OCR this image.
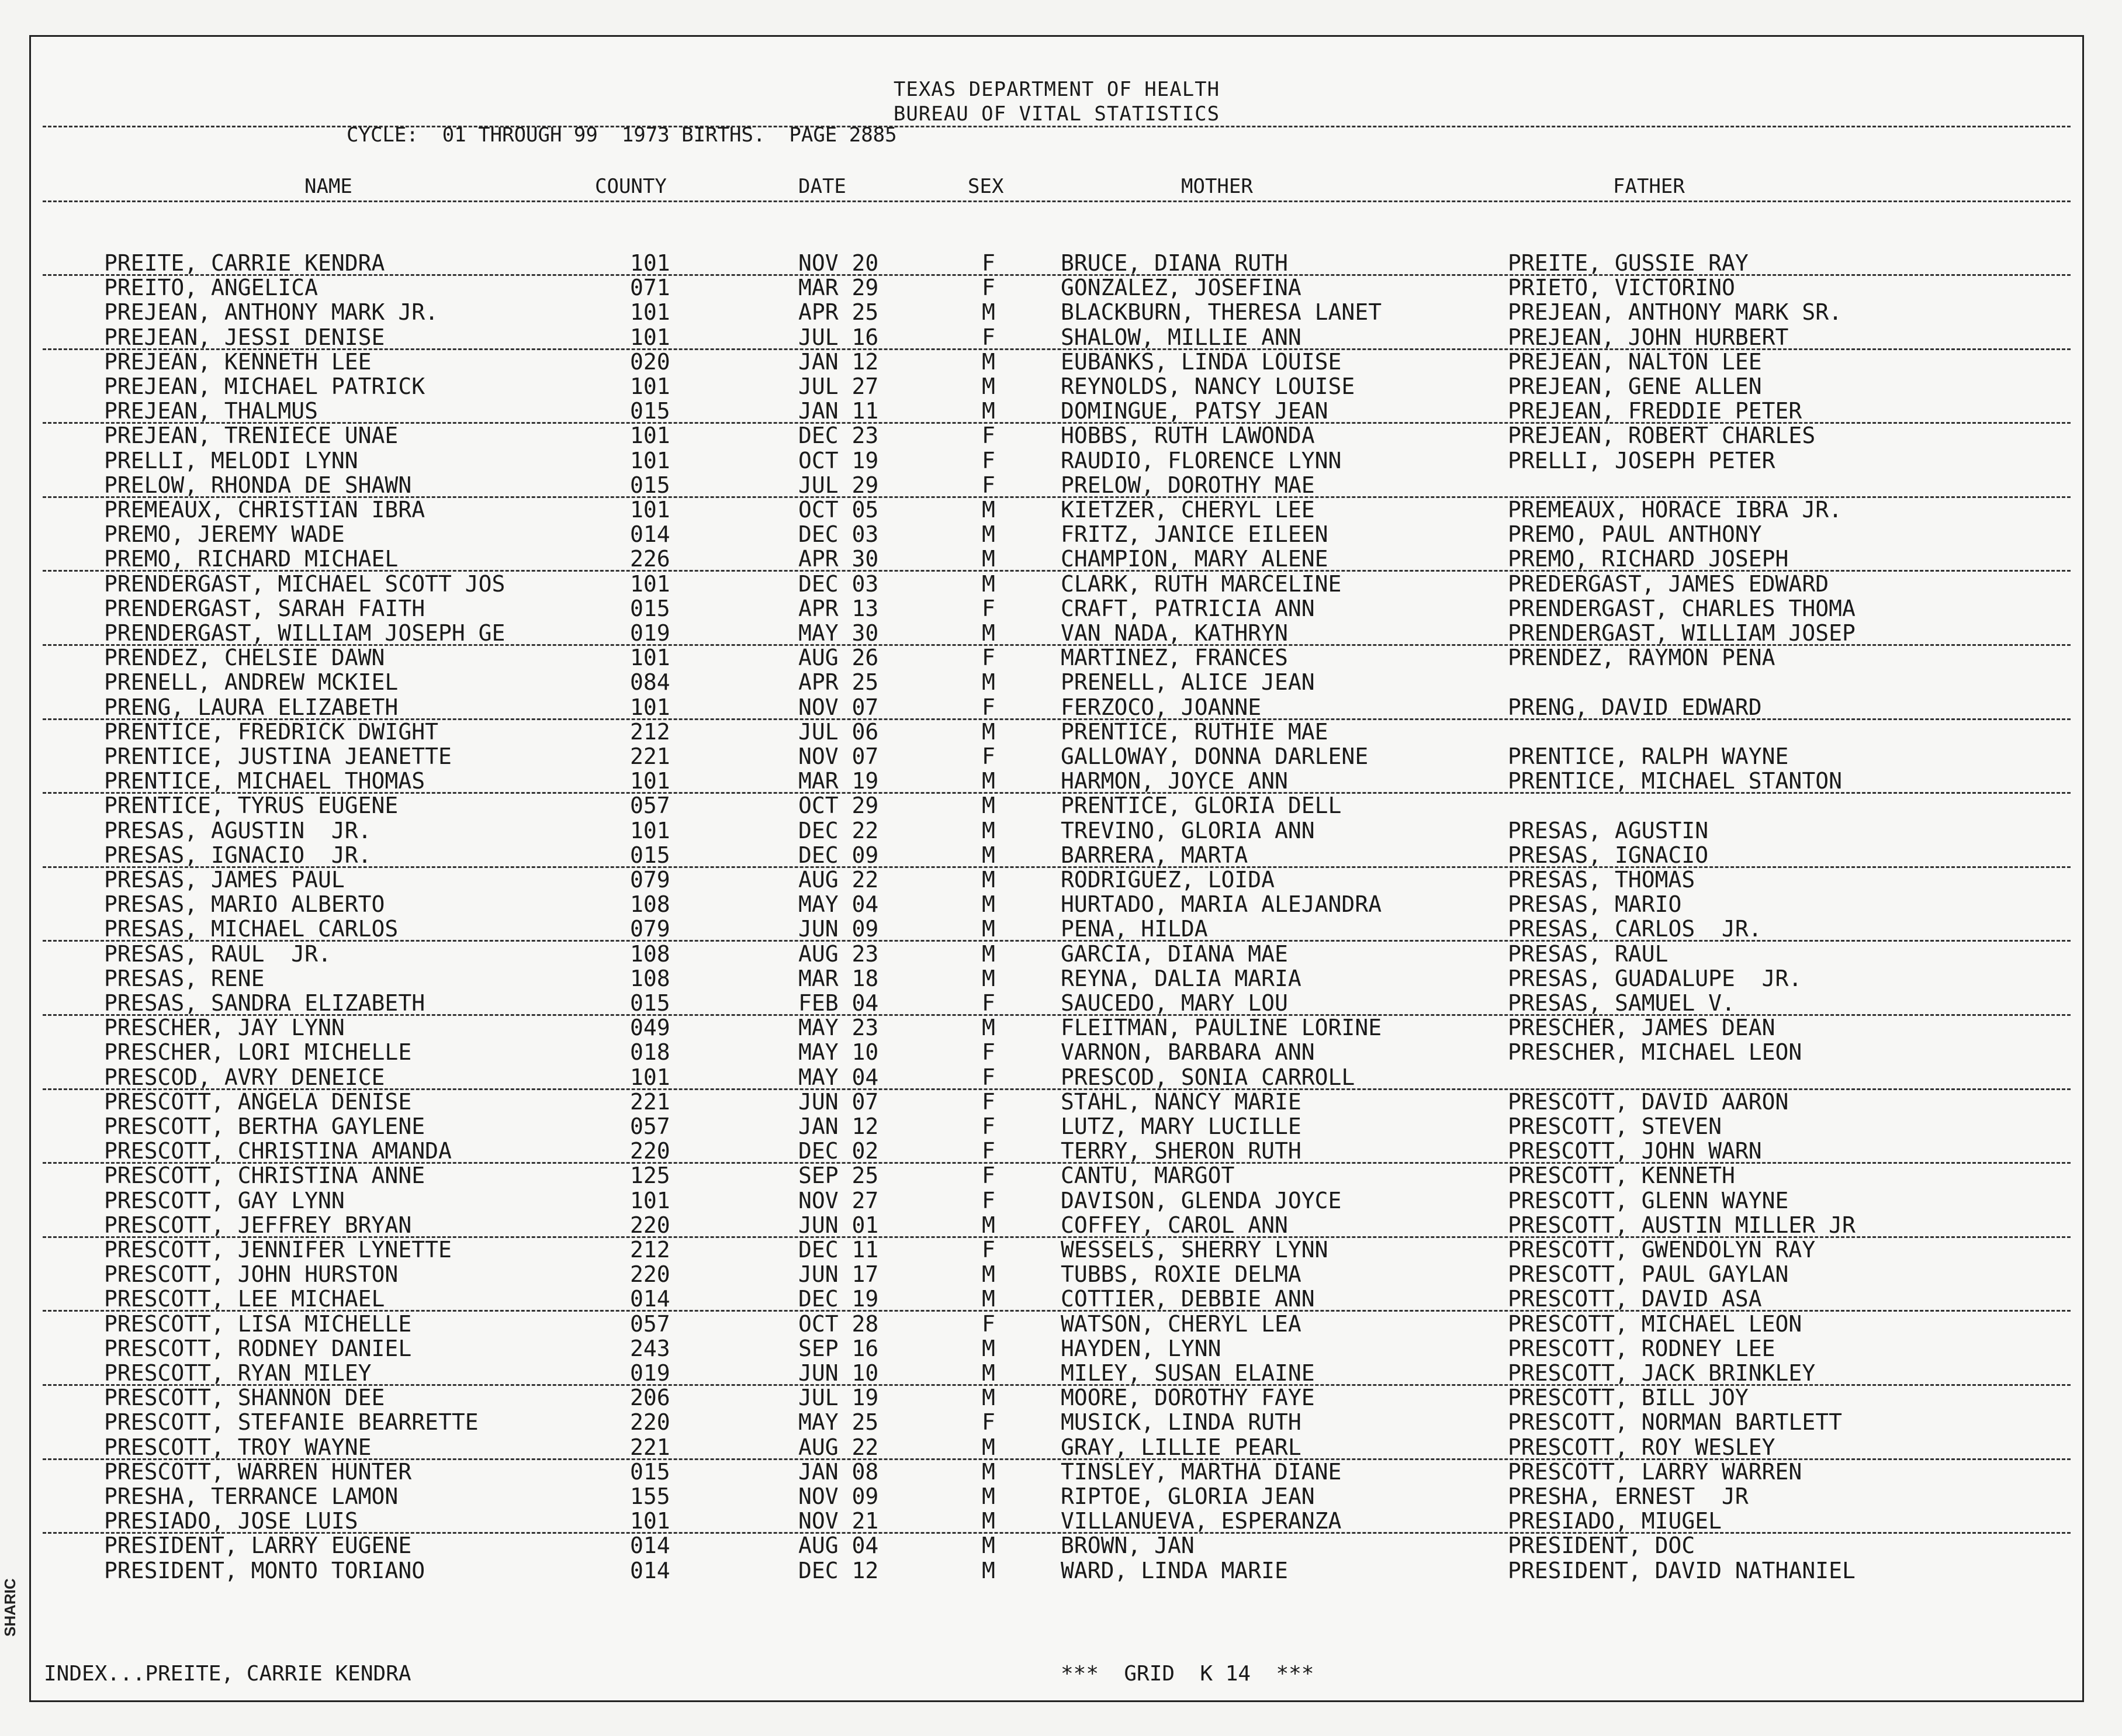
SHARIC
TEXAS DEPARTMENT OF HEALTH
BUREAU OF VITAL STATISTICS
CYCLE:  01 THROUGH 99  1973 BIRTHS.  PAGE 2885
NAME	COUNTY	DATE	SEX	MOTHER	FATHER
PREITE, CARRIE KENDRA	101	NOV 20	F	BRUCE, DIANA RUTH	PREITE, GUSSIE RAY
PREITO, ANGELICA	071	MAR 29	F	GONZALEZ, JOSEFINA	PRIETO, VICTORINO
PREJEAN, ANTHONY MARK JR.	101	APR 25	M	BLACKBURN, THERESA LANET	PREJEAN, ANTHONY MARK SR.
PREJEAN, JESSI DENISE	101	JUL 16	F	SHALOW, MILLIE ANN	PREJEAN, JOHN HURBERT
PREJEAN, KENNETH LEE	020	JAN 12	M	EUBANKS, LINDA LOUISE	PREJEAN, NALTON LEE
PREJEAN, MICHAEL PATRICK	101	JUL 27	M	REYNOLDS, NANCY LOUISE	PREJEAN, GENE ALLEN
PREJEAN, THALMUS	015	JAN 11	M	DOMINGUE, PATSY JEAN	PREJEAN, FREDDIE PETER
PREJEAN, TRENIECE UNAE	101	DEC 23	F	HOBBS, RUTH LAWONDA	PREJEAN, ROBERT CHARLES
PRELLI, MELODI LYNN	101	OCT 19	F	RAUDIO, FLORENCE LYNN	PRELLI, JOSEPH PETER
PRELOW, RHONDA DE SHAWN	015	JUL 29	F	PRELOW, DOROTHY MAE
PREMEAUX, CHRISTIAN IBRA	101	OCT 05	M	KIETZER, CHERYL LEE	PREMEAUX, HORACE IBRA JR.
PREMO, JEREMY WADE	014	DEC 03	M	FRITZ, JANICE EILEEN	PREMO, PAUL ANTHONY
PREMO, RICHARD MICHAEL	226	APR 30	M	CHAMPION, MARY ALENE	PREMO, RICHARD JOSEPH
PRENDERGAST, MICHAEL SCOTT JOS	101	DEC 03	M	CLARK, RUTH MARCELINE	PREDERGAST, JAMES EDWARD
PRENDERGAST, SARAH FAITH	015	APR 13	F	CRAFT, PATRICIA ANN	PRENDERGAST, CHARLES THOMA
PRENDERGAST, WILLIAM JOSEPH GE	019	MAY 30	M	VAN NADA, KATHRYN	PRENDERGAST, WILLIAM JOSEP
PRENDEZ, CHELSIE DAWN	101	AUG 26	F	MARTINEZ, FRANCES	PRENDEZ, RAYMON PENA
PRENELL, ANDREW MCKIEL	084	APR 25	M	PRENELL, ALICE JEAN
PRENG, LAURA ELIZABETH	101	NOV 07	F	FERZOCO, JOANNE	PRENG, DAVID EDWARD
PRENTICE, FREDRICK DWIGHT	212	JUL 06	M	PRENTICE, RUTHIE MAE
PRENTICE, JUSTINA JEANETTE	221	NOV 07	F	GALLOWAY, DONNA DARLENE	PRENTICE, RALPH WAYNE
PRENTICE, MICHAEL THOMAS	101	MAR 19	M	HARMON, JOYCE ANN	PRENTICE, MICHAEL STANTON
PRENTICE, TYRUS EUGENE	057	OCT 29	M	PRENTICE, GLORIA DELL
PRESAS, AGUSTIN  JR.	101	DEC 22	M	TREVINO, GLORIA ANN	PRESAS, AGUSTIN
PRESAS, IGNACIO  JR.	015	DEC 09	M	BARRERA, MARTA	PRESAS, IGNACIO
PRESAS, JAMES PAUL	079	AUG 22	M	RODRIGUEZ, LOIDA	PRESAS, THOMAS
PRESAS, MARIO ALBERTO	108	MAY 04	M	HURTADO, MARIA ALEJANDRA	PRESAS, MARIO
PRESAS, MICHAEL CARLOS	079	JUN 09	M	PENA, HILDA	PRESAS, CARLOS  JR.
PRESAS, RAUL  JR.	108	AUG 23	M	GARCIA, DIANA MAE	PRESAS, RAUL
PRESAS, RENE	108	MAR 18	M	REYNA, DALIA MARIA	PRESAS, GUADALUPE  JR.
PRESAS, SANDRA ELIZABETH	015	FEB 04	F	SAUCEDO, MARY LOU	PRESAS, SAMUEL V.
PRESCHER, JAY LYNN	049	MAY 23	M	FLEITMAN, PAULINE LORINE	PRESCHER, JAMES DEAN
PRESCHER, LORI MICHELLE	018	MAY 10	F	VARNON, BARBARA ANN	PRESCHER, MICHAEL LEON
PRESCOD, AVRY DENEICE	101	MAY 04	F	PRESCOD, SONIA CARROLL
PRESCOTT, ANGELA DENISE	221	JUN 07	F	STAHL, NANCY MARIE	PRESCOTT, DAVID AARON
PRESCOTT, BERTHA GAYLENE	057	JAN 12	F	LUTZ, MARY LUCILLE	PRESCOTT, STEVEN
PRESCOTT, CHRISTINA AMANDA	220	DEC 02	F	TERRY, SHERON RUTH	PRESCOTT, JOHN WARN
PRESCOTT, CHRISTINA ANNE	125	SEP 25	F	CANTU, MARGOT	PRESCOTT, KENNETH
PRESCOTT, GAY LYNN	101	NOV 27	F	DAVISON, GLENDA JOYCE	PRESCOTT, GLENN WAYNE
PRESCOTT, JEFFREY BRYAN	220	JUN 01	M	COFFEY, CAROL ANN	PRESCOTT, AUSTIN MILLER JR
PRESCOTT, JENNIFER LYNETTE	212	DEC 11	F	WESSELS, SHERRY LYNN	PRESCOTT, GWENDOLYN RAY
PRESCOTT, JOHN HURSTON	220	JUN 17	M	TUBBS, ROXIE DELMA	PRESCOTT, PAUL GAYLAN
PRESCOTT, LEE MICHAEL	014	DEC 19	M	COTTIER, DEBBIE ANN	PRESCOTT, DAVID ASA
PRESCOTT, LISA MICHELLE	057	OCT 28	F	WATSON, CHERYL LEA	PRESCOTT, MICHAEL LEON
PRESCOTT, RODNEY DANIEL	243	SEP 16	M	HAYDEN, LYNN	PRESCOTT, RODNEY LEE
PRESCOTT, RYAN MILEY	019	JUN 10	M	MILEY, SUSAN ELAINE	PRESCOTT, JACK BRINKLEY
PRESCOTT, SHANNON DEE	206	JUL 19	M	MOORE, DOROTHY FAYE	PRESCOTT, BILL JOY
PRESCOTT, STEFANIE BEARRETTE	220	MAY 25	F	MUSICK, LINDA RUTH	PRESCOTT, NORMAN BARTLETT
PRESCOTT, TROY WAYNE	221	AUG 22	M	GRAY, LILLIE PEARL	PRESCOTT, ROY WESLEY
PRESCOTT, WARREN HUNTER	015	JAN 08	M	TINSLEY, MARTHA DIANE	PRESCOTT, LARRY WARREN
PRESHA, TERRANCE LAMON	155	NOV 09	M	RIPTOE, GLORIA JEAN	PRESHA, ERNEST  JR
PRESIADO, JOSE LUIS	101	NOV 21	M	VILLANUEVA, ESPERANZA	PRESIADO, MIUGEL
PRESIDENT, LARRY EUGENE	014	AUG 04	M	BROWN, JAN	PRESIDENT, DOC
PRESIDENT, MONTO TORIANO	014	DEC 12	M	WARD, LINDA MARIE	PRESIDENT, DAVID NATHANIEL
INDEX...PREITE, CARRIE KENDRA	***  GRID  K 14  ***
